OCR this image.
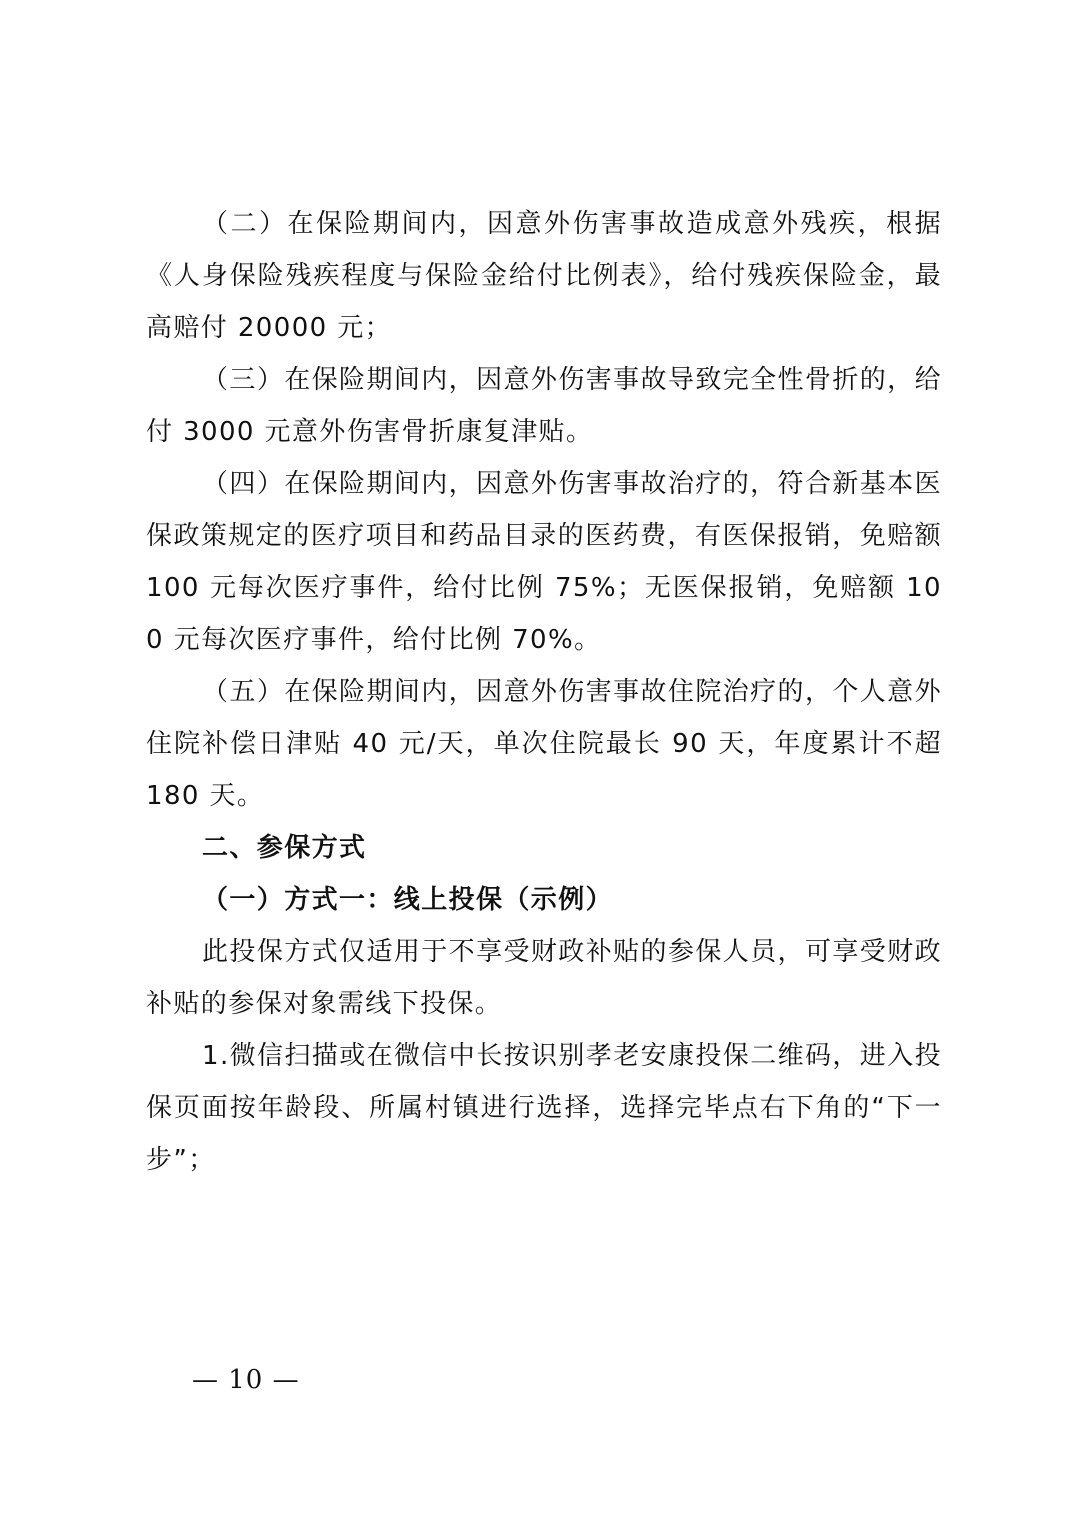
（二）在保险期间内，因意外伤害事故造成意外残疾，根据《人身保险残疾程度与保险金给付比例表》，给付残疾保险金，最高赔付 20000 元；

（三）在保险期间内，因意外伤害事故导致完全性骨折的，给付 3000 元意外伤害骨折康复津贴。

（四）在保险期间内，因意外伤害事故治疗的，符合新基本医保政策规定的医疗项目和药品目录的医药费，有医保报销，免赔额 100 元每次医疗事件，给付比例 75%；无医保报销，免赔额 100 元每次医疗事件，给付比例 70%。

（五）在保险期间内，因意外伤害事故住院治疗的，个人意外住院补偿日津贴 40 元/天，单次住院最长 90 天，年度累计不超 180 天。

二、参保方式

（一）方式一：线上投保（示例）

此投保方式仅适用于不享受财政补贴的参保人员，可享受财政补贴的参保对象需线下投保。

1.微信扫描或在微信中长按识别孝老安康投保二维码，进入投保页面按年龄段、所属村镇进行选择，选择完毕点右下角的“下一步”；

— 10 —
